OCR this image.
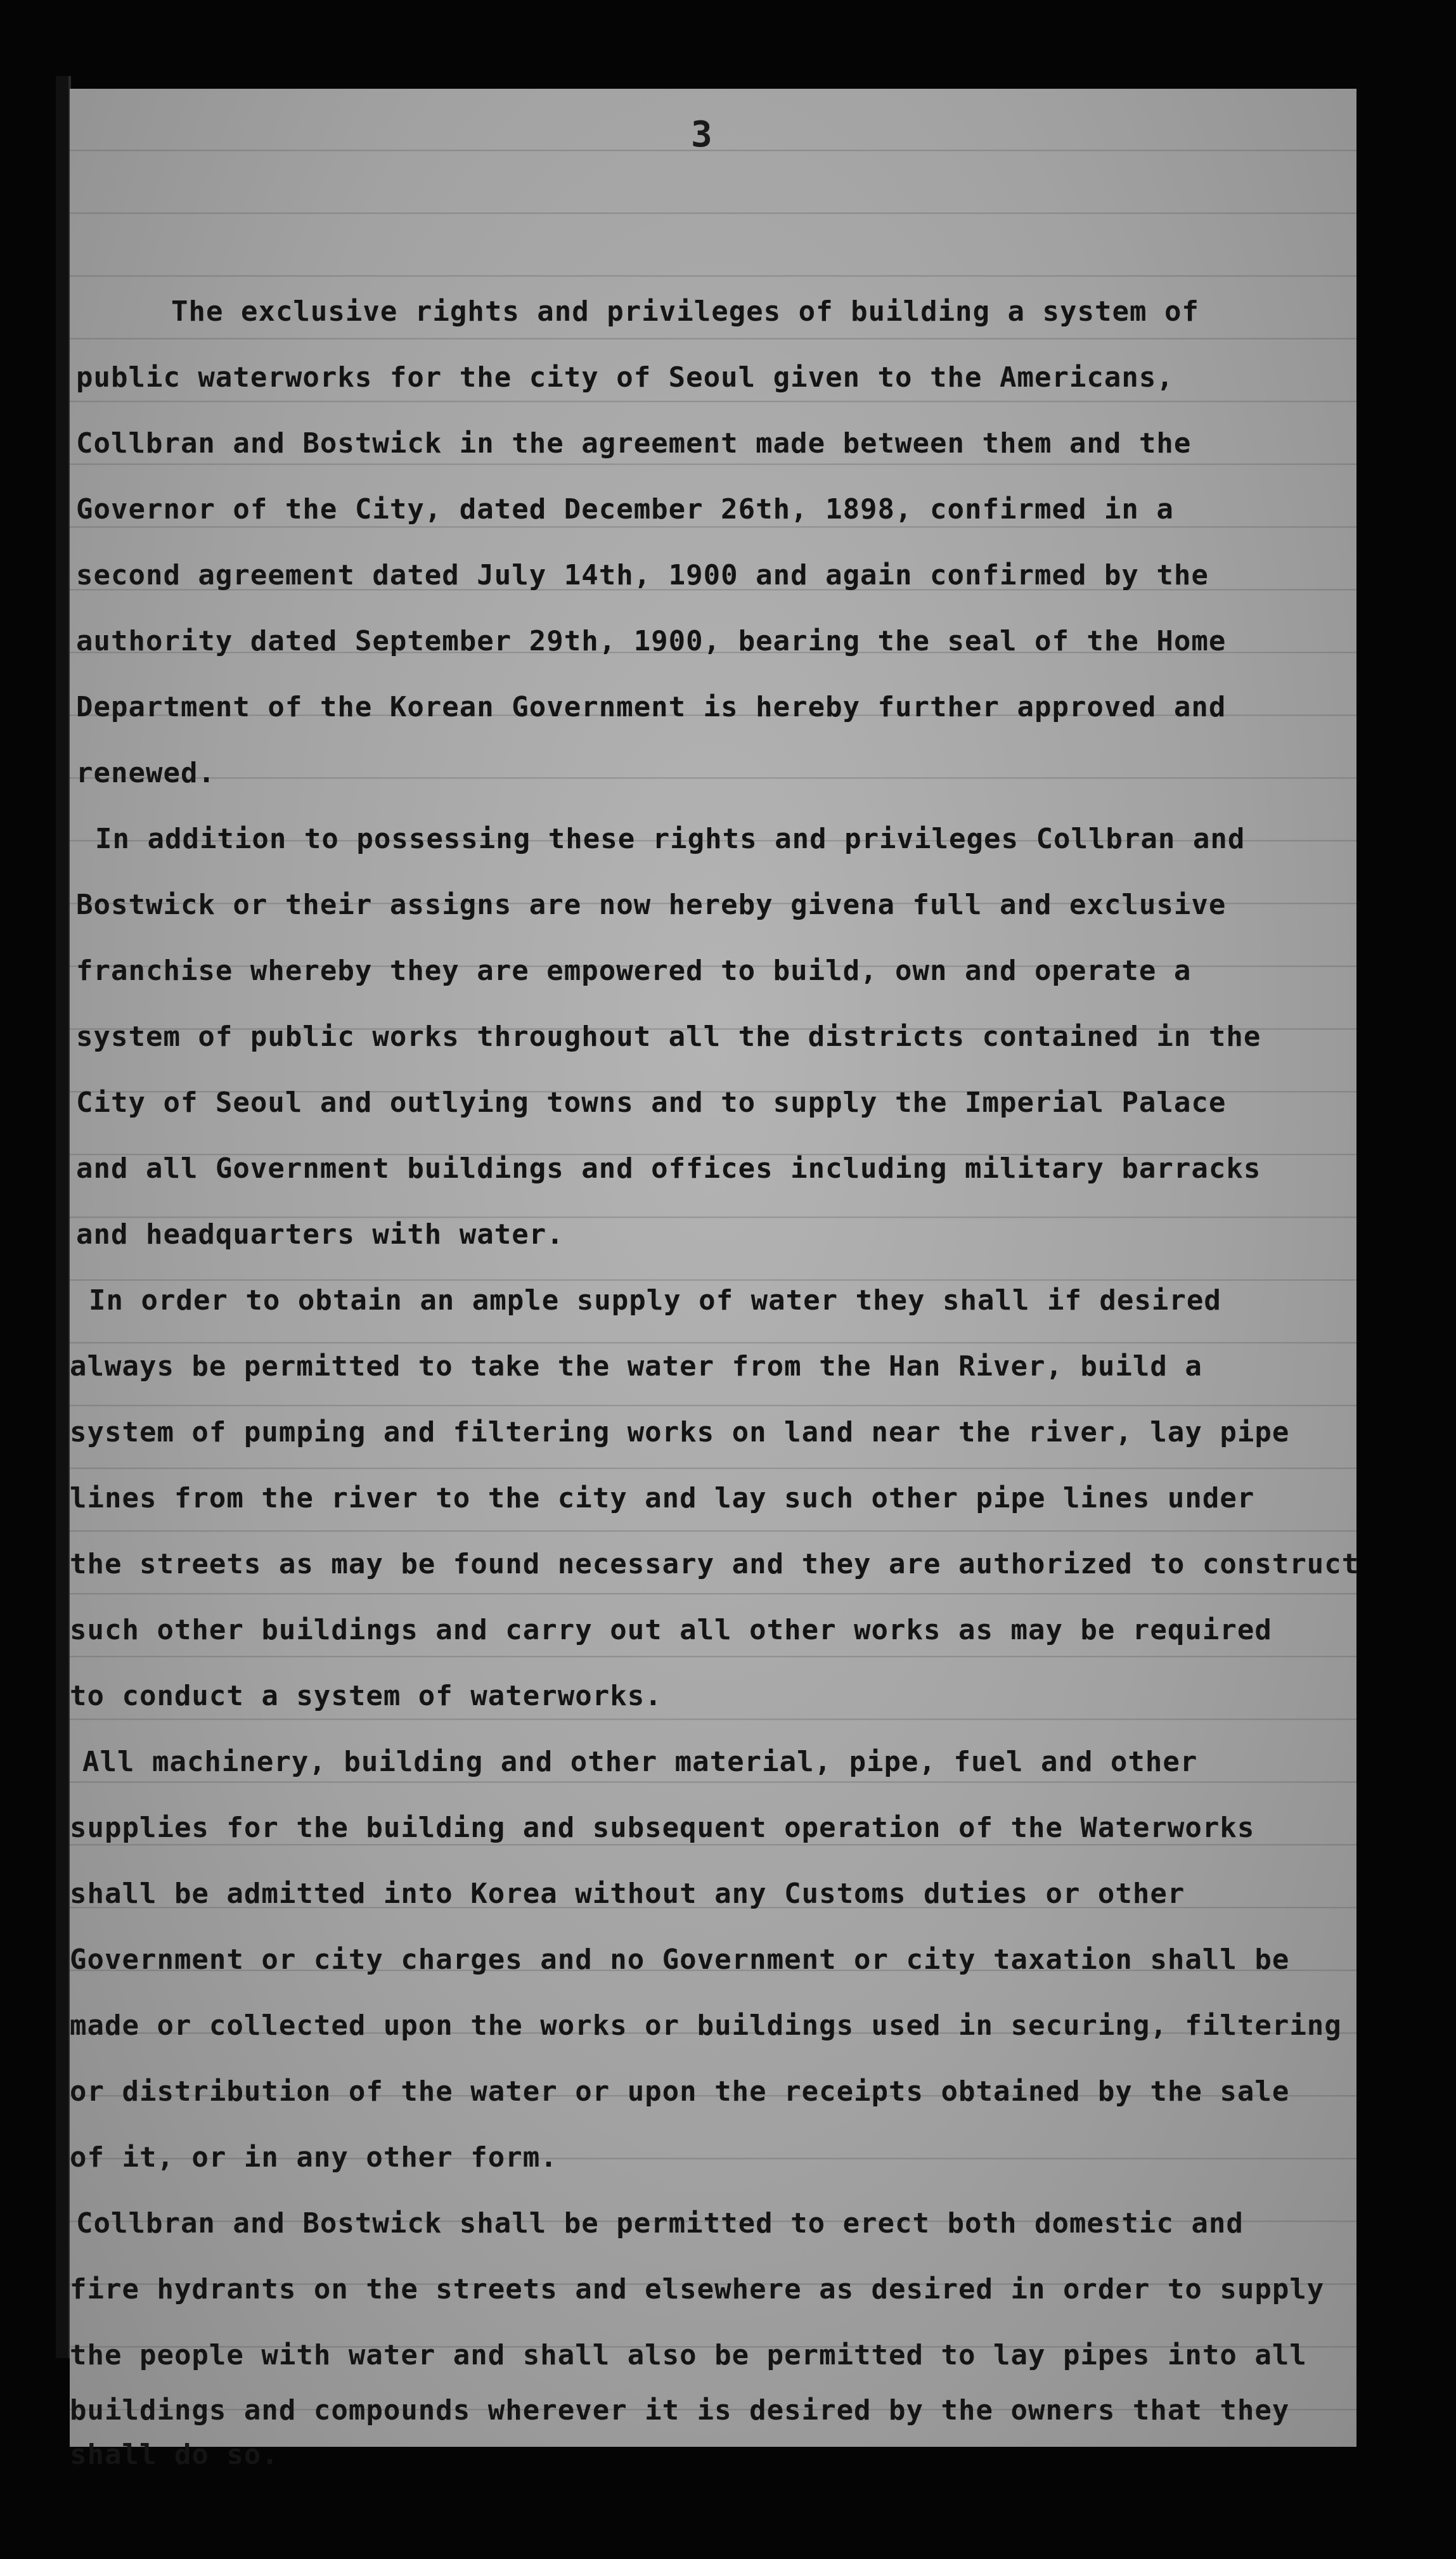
3
The exclusive rights and privileges of building a system of
public waterworks for the city of Seoul given to the Americans,
Collbran and Bostwick in the agreement made between them and the
Governor of the City, dated December 26th, 1898, confirmed in a
second agreement dated July 14th, 1900 and again confirmed by the
authority dated September 29th, 1900, bearing the seal of the Home
Department of the Korean Government is hereby further approved and
renewed.
In addition to possessing these rights and privileges Collbran and
Bostwick or their assigns are now hereby givena full and exclusive
franchise whereby they are empowered to build, own and operate a
system of public works throughout all the districts contained in the
City of Seoul and outlying towns and to supply the Imperial Palace
and all Government buildings and offices including military barracks
and headquarters with water.
In order to obtain an ample supply of water they shall if desired
always be permitted to take the water from the Han River, build a
system of pumping and filtering works on land near the river, lay pipe
lines from the river to the city and lay such other pipe lines under
the streets as may be found necessary and they are authorized to construct
such other buildings and carry out all other works as may be required
to conduct a system of waterworks.
All machinery, building and other material, pipe, fuel and other
supplies for the building and subsequent operation of the Waterworks
shall be admitted into Korea without any Customs duties or other
Government or city charges and no Government or city taxation shall be
made or collected upon the works or buildings used in securing, filtering
or distribution of the water or upon the receipts obtained by the sale
of it, or in any other form.
Collbran and Bostwick shall be permitted to erect both domestic and
fire hydrants on the streets and elsewhere as desired in order to supply
the people with water and shall also be permitted to lay pipes into all
buildings and compounds wherever it is desired by the owners that they
shall do so.
